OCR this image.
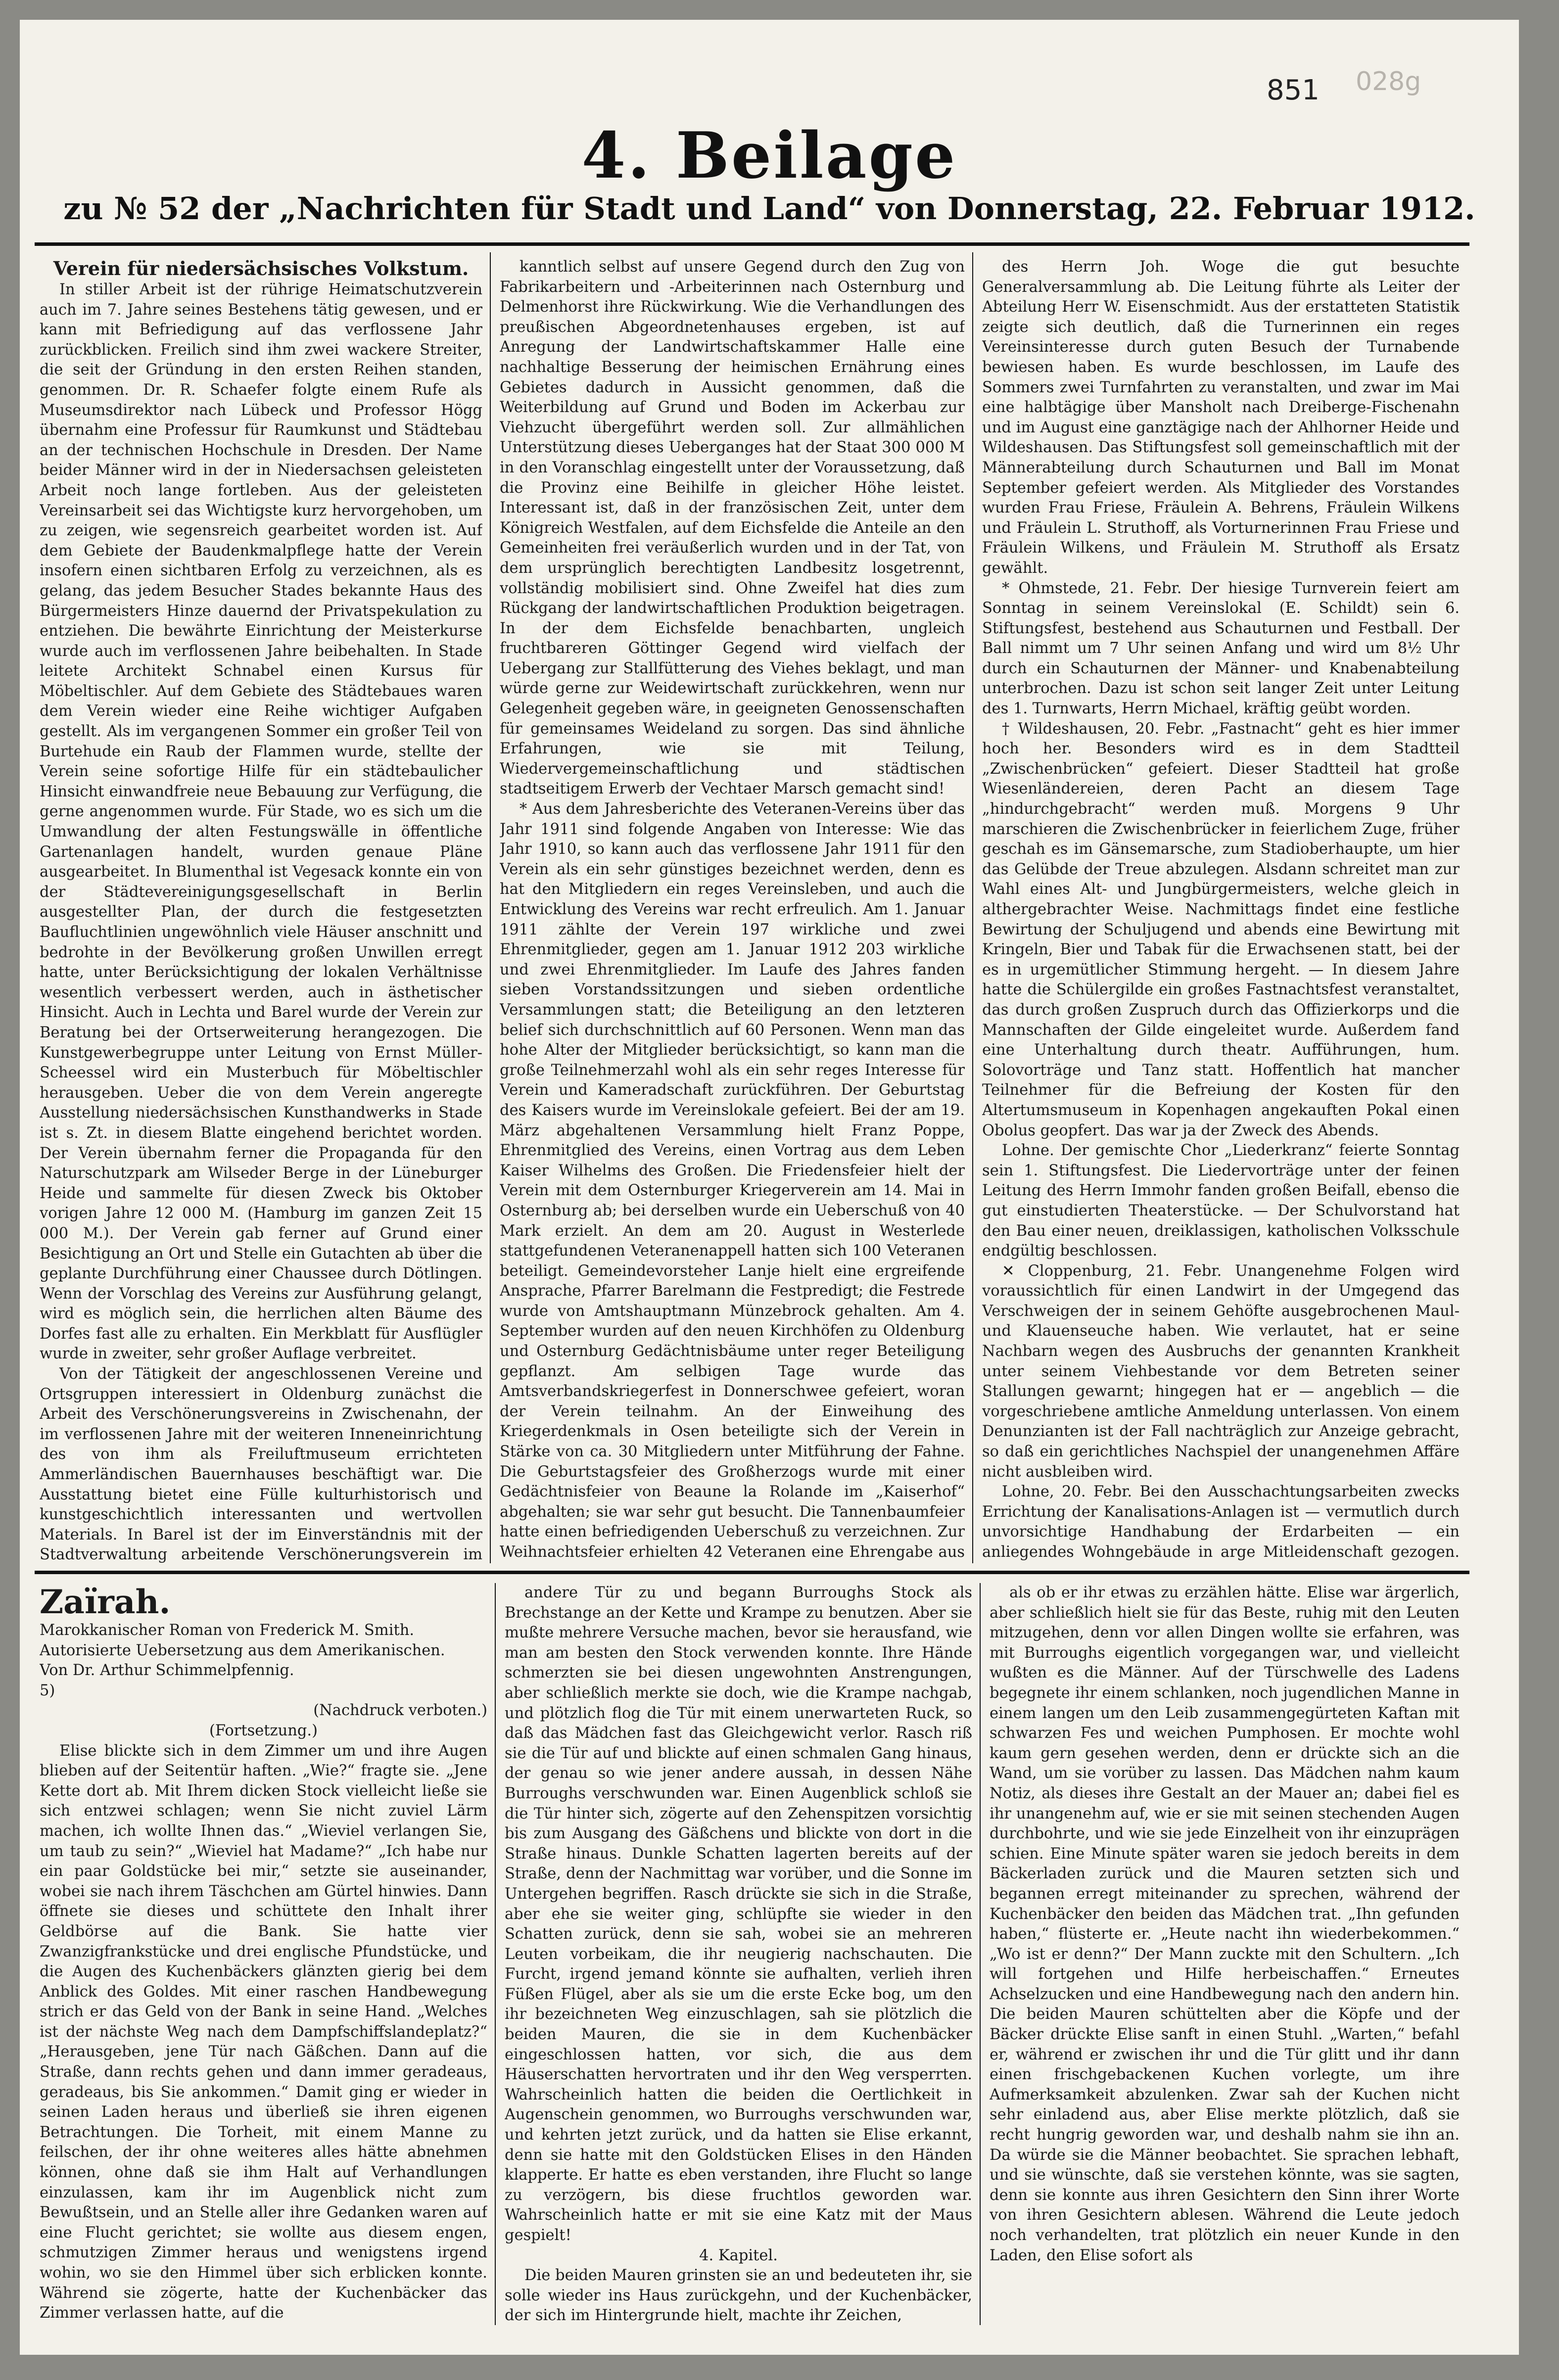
851 028g
4. Beilage
zu № 52 der „Nachrichten für Stadt und Land“ von Donnerstag, 22. Februar 1912.

Verein für niedersächsisches Volkstum.

In stiller Arbeit ist der rührige Heimatschutzverein auch im 7. Jahre seines Bestehens tätig gewesen, und er kann mit Befriedigung auf das verflossene Jahr zurückblicken. Freilich sind ihm zwei wackere Streiter, die seit der Gründung in den ersten Reihen standen, genommen. Dr. R. Schaefer folgte einem Rufe als Museumsdirektor nach Lübeck und Professor Högg übernahm eine Professur für Raumkunst und Städtebau an der technischen Hochschule in Dresden. Der Name beider Männer wird in der in Niedersachsen geleisteten Arbeit noch lange fortleben. Aus der geleisteten Vereinsarbeit sei das Wichtigste kurz hervorgehoben, um zu zeigen, wie segensreich gearbeitet worden ist. Auf dem Gebiete der Baudenkmalpflege hatte der Verein insofern einen sichtbaren Erfolg zu verzeichnen, als es gelang, das jedem Besucher Stades bekannte Haus des Bürgermeisters Hinze dauernd der Privatspekulation zu entziehen. Die bewährte Einrichtung der Meisterkurse wurde auch im verflossenen Jahre beibehalten. In Stade leitete Architekt Schnabel einen Kursus für Möbeltischler. Auf dem Gebiete des Städtebaues waren dem Verein wieder eine Reihe wichtiger Aufgaben gestellt. Als im vergangenen Sommer ein großer Teil von Burtehude ein Raub der Flammen wurde, stellte der Verein seine sofortige Hilfe für ein städtebaulicher Hinsicht einwandfreie neue Bebauung zur Verfügung, die gerne angenommen wurde. Für Stade, wo es sich um die Umwandlung der alten Festungswälle in öffentliche Gartenanlagen handelt, wurden genaue Pläne ausgearbeitet. In Blumenthal ist Vegesack konnte ein von der Städtevereinigungsgesellschaft in Berlin ausgestellter Plan, der durch die festgesetzten Baufluchtlinien ungewöhnlich viele Häuser anschnitt und bedrohte in der Bevölkerung großen Unwillen erregt hatte, unter Berücksichtigung der lokalen Verhältnisse wesentlich verbessert werden, auch in ästhetischer Hinsicht. Auch in Lechta und Barel wurde der Verein zur Beratung bei der Ortserweiterung herangezogen. Die Kunstgewerbegruppe unter Leitung von Ernst Müller-Scheessel wird ein Musterbuch für Möbeltischler herausgeben. Ueber die von dem Verein angeregte Ausstellung niedersächsischen Kunsthandwerks in Stade ist s. Zt. in diesem Blatte eingehend berichtet worden. Der Verein übernahm ferner die Propaganda für den Naturschutzpark am Wilseder Berge in der Lüneburger Heide und sammelte für diesen Zweck bis Oktober vorigen Jahre 12 000 M. (Hamburg im ganzen Zeit 15 000 M.). Der Verein gab ferner auf Grund einer Besichtigung an Ort und Stelle ein Gutachten ab über die geplante Durchführung einer Chaussee durch Dötlingen. Wenn der Vorschlag des Vereins zur Ausführung gelangt, wird es möglich sein, die herrlichen alten Bäume des Dorfes fast alle zu erhalten. Ein Merkblatt für Ausflügler wurde in zweiter, sehr großer Auflage verbreitet.

Von der Tätigkeit der angeschlossenen Vereine und Ortsgruppen interessiert in Oldenburg zunächst die Arbeit des Verschönerungsvereins in Zwischenahn, der im verflossenen Jahre mit der weiteren Inneneinrichtung des von ihm als Freiluftmuseum errichteten Ammerländischen Bauernhauses beschäftigt war. Die Ausstattung bietet eine Fülle kulturhistorisch und kunstgeschichtlich interessanten und wertvollen Materials. In Barel ist der im Einverständnis mit der Stadtverwaltung arbeitende Verschönerungsverein im

kanntlich selbst auf unsere Gegend durch den Zug von Fabrikarbeitern und -Arbeiterinnen nach Osternburg und Delmenhorst ihre Rückwirkung. Wie die Verhandlungen des preußischen Abgeordnetenhauses ergeben, ist auf Anregung der Landwirtschaftskammer Halle eine nachhaltige Besserung der heimischen Ernährung eines Gebietes dadurch in Aussicht genommen, daß die Weiterbildung auf Grund und Boden im Ackerbau zur Viehzucht übergeführt werden soll. Zur allmählichen Unterstützung dieses Ueberganges hat der Staat 300 000 M in den Voranschlag eingestellt unter der Voraussetzung, daß die Provinz eine Beihilfe in gleicher Höhe leistet. Interessant ist, daß in der französischen Zeit, unter dem Königreich Westfalen, auf dem Eichsfelde die Anteile an den Gemeinheiten frei veräußerlich wurden und in der Tat, von dem ursprünglich berechtigten Landbesitz losgetrennt, vollständig mobilisiert sind. Ohne Zweifel hat dies zum Rückgang der landwirtschaftlichen Produktion beigetragen. In der dem Eichsfelde benachbarten, ungleich fruchtbareren Göttinger Gegend wird vielfach der Uebergang zur Stallfütterung des Viehes beklagt, und man würde gerne zur Weidewirtschaft zurückkehren, wenn nur Gelegenheit gegeben wäre, in geeigneten Genossenschaften für gemeinsames Weideland zu sorgen. Das sind ähnliche Erfahrungen, wie sie mit Teilung, Wiedervergemeinschaftlichung und städtischen stadtseitigem Erwerb der Vechtaer Marsch gemacht sind!

* Aus dem Jahresberichte des Veteranen-Vereins über das Jahr 1911 sind folgende Angaben von Interesse: Wie das Jahr 1910, so kann auch das verflossene Jahr 1911 für den Verein als ein sehr günstiges bezeichnet werden, denn es hat den Mitgliedern ein reges Vereinsleben, und auch die Entwicklung des Vereins war recht erfreulich. Am 1. Januar 1911 zählte der Verein 197 wirkliche und zwei Ehrenmitglieder, gegen am 1. Januar 1912 203 wirkliche und zwei Ehrenmitglieder. Im Laufe des Jahres fanden sieben Vorstandssitzungen und sieben ordentliche Versammlungen statt; die Beteiligung an den letzteren belief sich durchschnittlich auf 60 Personen. Wenn man das hohe Alter der Mitglieder berücksichtigt, so kann man die große Teilnehmerzahl wohl als ein sehr reges Interesse für Verein und Kameradschaft zurückführen. Der Geburtstag des Kaisers wurde im Vereinslokale gefeiert. Bei der am 19. März abgehaltenen Versammlung hielt Franz Poppe, Ehrenmitglied des Vereins, einen Vortrag aus dem Leben Kaiser Wilhelms des Großen. Die Friedensfeier hielt der Verein mit dem Osternburger Kriegerverein am 14. Mai in Osternburg ab; bei derselben wurde ein Ueberschuß von 40 Mark erzielt. An dem am 20. August in Westerlede stattgefundenen Veteranenappell hatten sich 100 Veteranen beteiligt. Gemeindevorsteher Lanje hielt eine ergreifende Ansprache, Pfarrer Barelmann die Festpredigt; die Festrede wurde von Amtshauptmann Münzebrock gehalten. Am 4. September wurden auf den neuen Kirchhöfen zu Oldenburg und Osternburg Gedächtnisbäume unter reger Beteiligung gepflanzt. Am selbigen Tage wurde das Amtsverbandskriegerfest in Donnerschwee gefeiert, woran der Verein teilnahm. An der Einweihung des Kriegerdenkmals in Osen beteiligte sich der Verein in Stärke von ca. 30 Mitgliedern unter Mitführung der Fahne. Die Geburtstagsfeier des Großherzogs wurde mit einer Gedächtnisfeier von Beaune la Rolande im „Kaiserhof“ abgehalten; sie war sehr gut besucht. Die Tannenbaumfeier hatte einen befriedigenden Ueberschuß zu verzeichnen. Zur Weihnachtsfeier erhielten 42 Veteranen eine Ehrengabe aus

des Herrn Joh. Woge die gut besuchte Generalversammlung ab. Die Leitung führte als Leiter der Abteilung Herr W. Eisenschmidt. Aus der erstatteten Statistik zeigte sich deutlich, daß die Turnerinnen ein reges Vereinsinteresse durch guten Besuch der Turnabende bewiesen haben. Es wurde beschlossen, im Laufe des Sommers zwei Turnfahrten zu veranstalten, und zwar im Mai eine halbtägige über Mansholt nach Dreiberge-Fischenahn und im August eine ganztägige nach der Ahlhorner Heide und Wildeshausen. Das Stiftungsfest soll gemeinschaftlich mit der Männerabteilung durch Schauturnen und Ball im Monat September gefeiert werden. Als Mitglieder des Vorstandes wurden Frau Friese, Fräulein A. Behrens, Fräulein Wilkens und Fräulein L. Struthoff, als Vorturnerinnen Frau Friese und Fräulein Wilkens, und Fräulein M. Struthoff als Ersatz gewählt.

* Ohmstede, 21. Febr. Der hiesige Turnverein feiert am Sonntag in seinem Vereinslokal (E. Schildt) sein 6. Stiftungsfest, bestehend aus Schauturnen und Festball. Der Ball nimmt um 7 Uhr seinen Anfang und wird um 8½ Uhr durch ein Schauturnen der Männer- und Knabenabteilung unterbrochen. Dazu ist schon seit langer Zeit unter Leitung des 1. Turnwarts, Herrn Michael, kräftig geübt worden.

† Wildeshausen, 20. Febr. „Fastnacht“ geht es hier immer hoch her. Besonders wird es in dem Stadtteil „Zwischenbrücken“ gefeiert. Dieser Stadtteil hat große Wiesenländereien, deren Pacht an diesem Tage „hindurchgebracht“ werden muß. Morgens 9 Uhr marschieren die Zwischenbrücker in feierlichem Zuge, früher geschah es im Gänsemarsche, zum Stadioberhaupte, um hier das Gelübde der Treue abzulegen. Alsdann schreitet man zur Wahl eines Alt- und Jungbürgermeisters, welche gleich in althergebrachter Weise. Nachmittags findet eine festliche Bewirtung der Schuljugend und abends eine Bewirtung mit Kringeln, Bier und Tabak für die Erwachsenen statt, bei der es in urgemütlicher Stimmung hergeht. — In diesem Jahre hatte die Schülergilde ein großes Fastnachtsfest veranstaltet, das durch großen Zuspruch durch das Offizierkorps und die Mannschaften der Gilde eingeleitet wurde. Außerdem fand eine Unterhaltung durch theatr. Aufführungen, hum. Solovorträge und Tanz statt. Hoffentlich hat mancher Teilnehmer für die Befreiung der Kosten für den Altertumsmuseum in Kopenhagen angekauften Pokal einen Obolus geopfert. Das war ja der Zweck des Abends.

Lohne. Der gemischte Chor „Liederkranz“ feierte Sonntag sein 1. Stiftungsfest. Die Liedervorträge unter der feinen Leitung des Herrn Immohr fanden großen Beifall, ebenso die gut einstudierten Theaterstücke. — Der Schulvorstand hat den Bau einer neuen, dreiklassigen, katholischen Volksschule endgültig beschlossen.

✕ Cloppenburg, 21. Febr. Unangenehme Folgen wird voraussichtlich für einen Landwirt in der Umgegend das Verschweigen der in seinem Gehöfte ausgebrochenen Maul- und Klauenseuche haben. Wie verlautet, hat er seine Nachbarn wegen des Ausbruchs der genannten Krankheit unter seinem Viehbestande vor dem Betreten seiner Stallungen gewarnt; hingegen hat er — angeblich — die vorgeschriebene amtliche Anmeldung unterlassen. Von einem Denunzianten ist der Fall nachträglich zur Anzeige gebracht, so daß ein gerichtliches Nachspiel der unangenehmen Affäre nicht ausbleiben wird.

Lohne, 20. Febr. Bei den Ausschachtungsarbeiten zwecks Errichtung der Kanalisations-Anlagen ist — vermutlich durch unvorsichtige Handhabung der Erdarbeiten — ein anliegendes Wohngebäude in arge Mitleidenschaft gezogen.

Zaïrah.

Marokkanischer Roman von Frederick M. Smith.

Autorisierte Uebersetzung aus dem Amerikanischen.

Von Dr. Arthur Schimmelpfennig.

5)

(Nachdruck verboten.)

(Fortsetzung.)

Elise blickte sich in dem Zimmer um und ihre Augen blieben auf der Seitentür haften. „Wie?“ fragte sie. „Jene Kette dort ab. Mit Ihrem dicken Stock vielleicht ließe sie sich entzwei schlagen; wenn Sie nicht zuviel Lärm machen, ich wollte Ihnen das.“ „Wieviel verlangen Sie, um taub zu sein?“ „Wieviel hat Madame?“ „Ich habe nur ein paar Goldstücke bei mir,“ setzte sie auseinander, wobei sie nach ihrem Täschchen am Gürtel hinwies. Dann öffnete sie dieses und schüttete den Inhalt ihrer Geldbörse auf die Bank. Sie hatte vier Zwanzigfrankstücke und drei englische Pfundstücke, und die Augen des Kuchenbäckers glänzten gierig bei dem Anblick des Goldes. Mit einer raschen Handbewegung strich er das Geld von der Bank in seine Hand. „Welches ist der nächste Weg nach dem Dampfschiffslandeplatz?“ „Herausgeben, jene Tür nach Gäßchen. Dann auf die Straße, dann rechts gehen und dann immer geradeaus, geradeaus, bis Sie ankommen.“ Damit ging er wieder in seinen Laden heraus und überließ sie ihren eigenen Betrachtungen. Die Torheit, mit einem Manne zu feilschen, der ihr ohne weiteres alles hätte abnehmen können, ohne daß sie ihm Halt auf Verhandlungen einzulassen, kam ihr im Augenblick nicht zum Bewußtsein, und an Stelle aller ihre Gedanken waren auf eine Flucht gerichtet; sie wollte aus diesem engen, schmutzigen Zimmer heraus und wenigstens irgend wohin, wo sie den Himmel über sich erblicken konnte. Während sie zögerte, hatte der Kuchenbäcker das Zimmer verlassen hatte, auf die

andere Tür zu und begann Burroughs Stock als Brechstange an der Kette und Krampe zu benutzen. Aber sie mußte mehrere Versuche machen, bevor sie herausfand, wie man am besten den Stock verwenden konnte. Ihre Hände schmerzten sie bei diesen ungewohnten Anstrengungen, aber schließlich merkte sie doch, wie die Krampe nachgab, und plötzlich flog die Tür mit einem unerwarteten Ruck, so daß das Mädchen fast das Gleichgewicht verlor. Rasch riß sie die Tür auf und blickte auf einen schmalen Gang hinaus, der genau so wie jener andere aussah, in dessen Nähe Burroughs verschwunden war. Einen Augenblick schloß sie die Tür hinter sich, zögerte auf den Zehenspitzen vorsichtig bis zum Ausgang des Gäßchens und blickte von dort in die Straße hinaus. Dunkle Schatten lagerten bereits auf der Straße, denn der Nachmittag war vorüber, und die Sonne im Untergehen begriffen. Rasch drückte sie sich in die Straße, aber ehe sie weiter ging, schlüpfte sie wieder in den Schatten zurück, denn sie sah, wobei sie an mehreren Leuten vorbeikam, die ihr neugierig nachschauten. Die Furcht, irgend jemand könnte sie aufhalten, verlieh ihren Füßen Flügel, aber als sie um die erste Ecke bog, um den ihr bezeichneten Weg einzuschlagen, sah sie plötzlich die beiden Mauren, die sie in dem Kuchenbäcker eingeschlossen hatten, vor sich, die aus dem Häuserschatten hervortraten und ihr den Weg versperrten. Wahrscheinlich hatten die beiden die Oertlichkeit in Augenschein genommen, wo Burroughs verschwunden war, und kehrten jetzt zurück, und da hatten sie Elise erkannt, denn sie hatte mit den Goldstücken Elises in den Händen klapperte. Er hatte es eben verstanden, ihre Flucht so lange zu verzögern, bis diese fruchtlos geworden war. Wahrscheinlich hatte er mit sie eine Katz mit der Maus gespielt!

4. Kapitel.

Die beiden Mauren grinsten sie an und bedeuteten ihr, sie solle wieder ins Haus zurückgehn, und der Kuchenbäcker, der sich im Hintergrunde hielt, machte ihr Zeichen,

als ob er ihr etwas zu erzählen hätte. Elise war ärgerlich, aber schließlich hielt sie für das Beste, ruhig mit den Leuten mitzugehen, denn vor allen Dingen wollte sie erfahren, was mit Burroughs eigentlich vorgegangen war, und vielleicht wußten es die Männer. Auf der Türschwelle des Ladens begegnete ihr einem schlanken, noch jugendlichen Manne in einem langen um den Leib zusammengegürteten Kaftan mit schwarzen Fes und weichen Pumphosen. Er mochte wohl kaum gern gesehen werden, denn er drückte sich an die Wand, um sie vorüber zu lassen. Das Mädchen nahm kaum Notiz, als dieses ihre Gestalt an der Mauer an; dabei fiel es ihr unangenehm auf, wie er sie mit seinen stechenden Augen durchbohrte, und wie sie jede Einzelheit von ihr einzuprägen schien. Eine Minute später waren sie jedoch bereits in dem Bäckerladen zurück und die Mauren setzten sich und begannen erregt miteinander zu sprechen, während der Kuchenbäcker den beiden das Mädchen trat. „Ihn gefunden haben,“ flüsterte er. „Heute nacht ihn wiederbekommen.“ „Wo ist er denn?“ Der Mann zuckte mit den Schultern. „Ich will fortgehen und Hilfe herbeischaffen.“ Erneutes Achselzucken und eine Handbewegung nach den andern hin. Die beiden Mauren schüttelten aber die Köpfe und der Bäcker drückte Elise sanft in einen Stuhl. „Warten,“ befahl er, während er zwischen ihr und die Tür glitt und ihr dann einen frischgebackenen Kuchen vorlegte, um ihre Aufmerksamkeit abzulenken. Zwar sah der Kuchen nicht sehr einladend aus, aber Elise merkte plötzlich, daß sie recht hungrig geworden war, und deshalb nahm sie ihn an. Da würde sie die Männer beobachtet. Sie sprachen lebhaft, und sie wünschte, daß sie verstehen könnte, was sie sagten, denn sie konnte aus ihren Gesichtern den Sinn ihrer Worte von ihren Gesichtern ablesen. Während die Leute jedoch noch verhandelten, trat plötzlich ein neuer Kunde in den Laden, den Elise sofort als
